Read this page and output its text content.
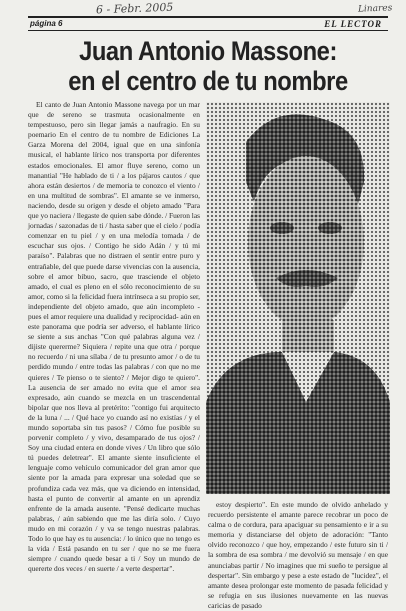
6 - Febr. 2005	Linares
página 6	EL LECTOR
Juan Antonio Massone:
en el centro de tu nombre

El canto de Juan Antonio Massone navega por un mar que de sereno se trasmuta ocasionalmente en tempestuoso, pero sin llegar jamás a naufragio. En su poemario En el centro de tu nombre de Ediciones La Garza Morena del 2004, igual que en una sinfonía musical, el hablante lírico nos transporta por diferentes estados emocionales. El amor fluye sereno, como un manantial "He hablado de ti / a los pájaros cautos / que ahora están desiertos / de memoria te conozco el viento / en una multitud de sombras". El amante se ve inmerso, naciendo, desde su origen y desde el objeto amado "Para que yo naciera / llegaste de quien sabe dónde. / Fueron las jornadas / sazonadas de ti / hasta saber que el cielo / podía comenzar en tu piel / y en una melodía tomada / de escuchar sus ojos. / Contigo he sido Adán / y tú mi paraíso". Palabras que no distraen el sentir entre puro y entrañable, del que puede darse vivencias con la ausencia, sobre el amor bibuo, sacro, que trasciende el objeto amado, el cual es pleno en el sólo reconocimiento de su amor, como si la felicidad fuera intrínseca a su propio ser, independiente del objeto amado, que aún incompleto -pues el amor requiere una dualidad y reciprocidad- aún en este panorama que podría ser adverso, el hablante lírico se siente a sus anchas "Con qué palabras alguna vez / dijiste quererme? Siquiera / repite una que otra / porque no recuerdo / ni una sílaba / de tu presunto amor / o de tu perdido mundo / entre todas las palabras / con que no me quieres / Te pienso o te siento? / Mejor digo te quiero". La ausencia de ser amado no evita que el amor sea expresado, aún cuando se mezcla en un trascendental bipolar que nos lleva al pretérito: "contigo fui arquitecto de la luna / ... / Qué hace yo cuando así no existías / y el mundo soportaba sin tus pasos? / Cómo fue posible su porvenir completo / y vivo, desamparado de tus ojos? / Soy una ciudad entera en donde vives / Un libro que sólo tú puedes deletrear". El amante siente insuficiente el lenguaje como vehículo comunicador del gran amor que siente por la amada para expresar una soledad que se profundiza cada vez más, que va diciendo en intensidad, hasta el punto de convertir al amante en un aprendiz enfrente de la amada ausente. "Pensé dedicarte muchas palabras, / aún sabiendo que me las diría solo. / Cuyo mudo en mi corazón / y va se tengo nuestras palabras. Todo lo que hay es tu ausencia: / lo único que no tengo es la vida / Está pasando en tu ser / que no se me fuera siempre / cuando quede besar a ti / Soy un mundo de quererte dos veces / en suerte / a verte despertar".

estoy despierto". En este mundo de olvido anhelado y recuerdo persistente el amante parece recobrar un poco de calma o de cordura, para apaciguar su pensamiento e ir a su memoria y distanciarse del objeto de adoración: "Tanto olvido reconozco / que hoy, empezando / este futuro sin ti / la sombra de esa sombra / me devolvió su mensaje / en que anunciabas partir / No imagines que mi sueño te persigue al despertar". Sin embargo y pese a este estado de "lucidez", el amante desea prolongar este momento de pasada felicidad y se refugia en sus ilusiones nuevamente en las nuevas caricias de pasado
